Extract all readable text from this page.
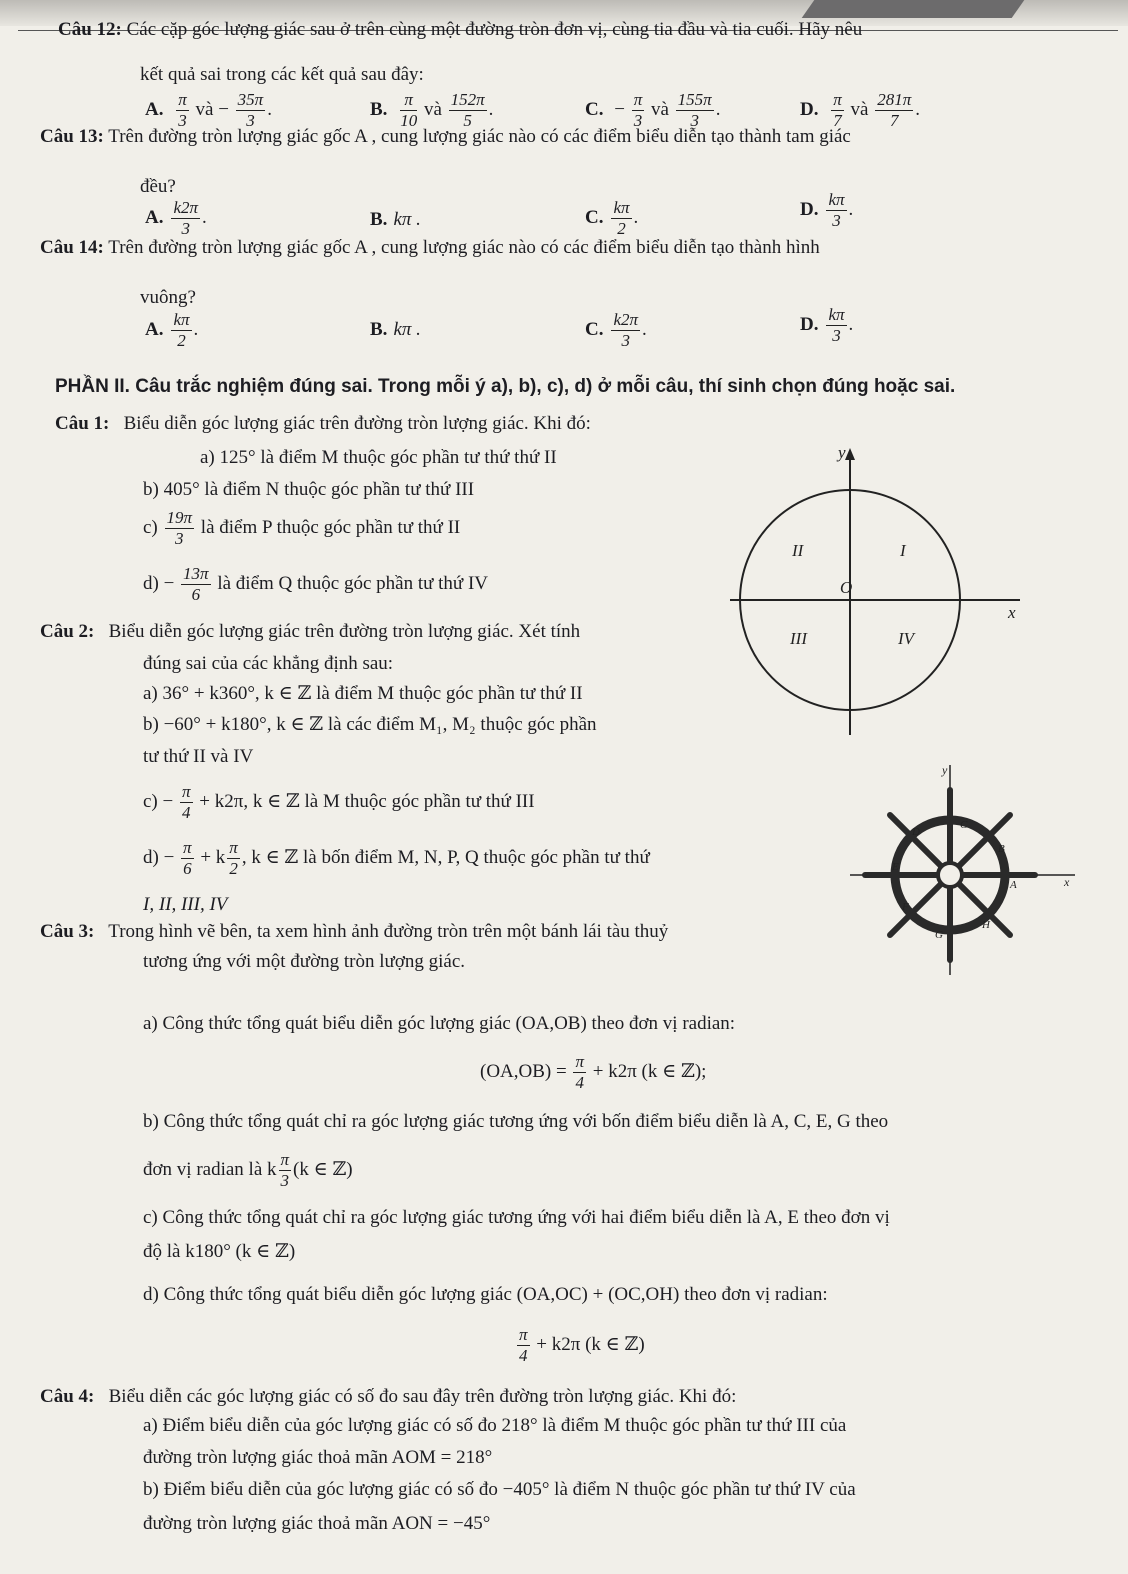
Câu 12: Các cặp góc lượng giác sau ở trên cùng một đường tròn đơn vị, cùng tia đầu và tia cuối. Hãy nêu
kết quả sai trong các kết quả sau đây:
A. $\frac{\pi}{3}$ và − $\frac{35\pi}{3}$ .	B. $\frac{\pi}{10}$ và $\frac{152\pi}{5}$ .	C. − $\frac{\pi}{3}$ và $\frac{155\pi}{3}$ .	D. $\frac{\pi}{7}$ và $\frac{281\pi}{7}$ .
Câu 13: Trên đường tròn lượng giác gốc A , cung lượng giác nào có các điểm biểu diễn tạo thành tam giác
đều?
A. $\frac{k2\pi}{3}$ .	B. kπ .	C. $\frac{k\pi}{2}$ .	D. $\frac{k\pi}{3}$ .
Câu 14: Trên đường tròn lượng giác gốc A , cung lượng giác nào có các điểm biểu diễn tạo thành hình
vuông?
A. $\frac{k\pi}{2}$ .	B. kπ .	C. $\frac{k2\pi}{3}$ .	D. $\frac{k\pi}{3}$ .
PHẦN II. Câu trắc nghiệm đúng sai. Trong mỗi ý a), b), c), d) ở mỗi câu, thí sinh chọn đúng hoặc sai.
Câu 1: Biểu diễn góc lượng giác trên đường tròn lượng giác. Khi đó:
a) 125° là điểm M thuộc góc phần tư thứ thứ II
b) 405° là điểm N thuộc góc phần tư thứ III
$c) \frac{19\pi}{3}$ là điểm P thuộc góc phần tư thứ II
$d) - \frac{13\pi}{6}$ là điểm Q thuộc góc phần tư thứ IV
Câu 2: Biểu diễn góc lượng giác trên đường tròn lượng giác. Xét tính
đúng sai của các khẳng định sau:
a) 36° + k360°, k ∈ ℤ là điểm M thuộc góc phần tư thứ II
b) −60° + k180°, k ∈ ℤ là các điểm M₁, M₂ thuộc góc phần
tư thứ II và IV
$c) - \frac{\pi}{4} + k2\pi$, k ∈ ℤ là M thuộc góc phần tư thứ III
$d) - \frac{\pi}{6} + k \frac{\pi}{2}$ , k ∈ ℤ là bốn điểm M, N, P, Q thuộc góc phần tư thứ
I, II, III, IV
Câu 3: Trong hình vẽ bên, ta xem hình ảnh đường tròn trên một bánh lái tàu thuỷ
tương ứng với một đường tròn lượng giác.
a) Công thức tổng quát biểu diễn góc lượng giác (OA,OB) theo đơn vị radian:
$(OA,OB) = \frac{\pi}{4} + k2\pi$ (k ∈ ℤ);
b) Công thức tổng quát chỉ ra góc lượng giác tương ứng với bốn điểm biểu diễn là A, C, E, G theo
đơn vị radian là k $\frac{\pi}{3} (k$ ∈ ℤ)
c) Công thức tổng quát chỉ ra góc lượng giác tương ứng với hai điểm biểu diễn là A, E theo đơn vị
độ là k180° (k ∈ ℤ)
d) Công thức tổng quát biểu diễn góc lượng giác (OA,OC) + (OC,OH) theo đơn vị radian:
$\frac{\pi}{4} + k2\pi$ (k ∈ ℤ)
Câu 4: Biểu diễn các góc lượng giác có số đo sau đây trên đường tròn lượng giác. Khi đó:
a) Điểm biểu diễn của góc lượng giác có số đo 218° là điểm M thuộc góc phần tư thứ III của
đường tròn lượng giác thoả mãn AOM = 218°
b) Điểm biểu diễn của góc lượng giác có số đo −405° là điểm N thuộc góc phần tư thứ IV của
đường tròn lượng giác thoả mãn AON = −45°
y
x
O
I
II
III	IV
y
x
A
B
C
D
E
F
G
H
